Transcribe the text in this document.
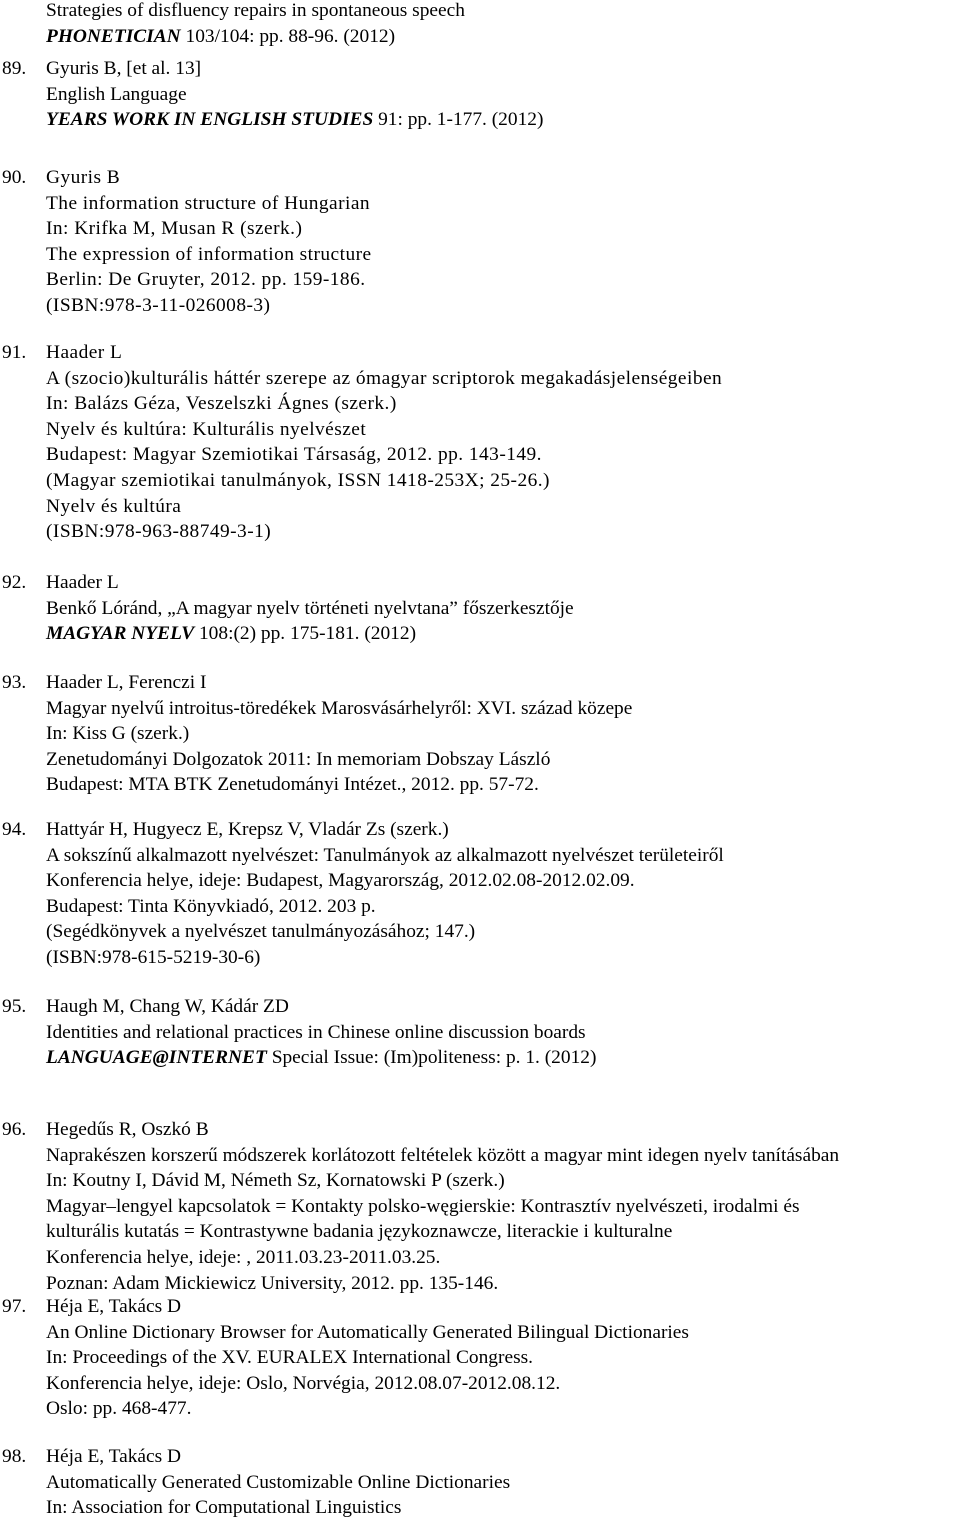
Strategies of disfluency repairs in spontaneous speech
PHONETICIAN 103/104: pp. 88-96. (2012)
89. Gyuris B, [et al. 13]
English Language
YEARS WORK IN ENGLISH STUDIES 91: pp. 1-177. (2012)
90. Gyuris B
The information structure of Hungarian
In: Krifka M, Musan R (szerk.)
The expression of information structure
Berlin: De Gruyter, 2012. pp. 159-186.
(ISBN:978-3-11-026008-3)
91. Haader L
A (szocio)kulturális háttér szerepe az ómagyar scriptorok megakadásjelenségeiben
In: Balázs Géza, Veszelszki Ágnes (szerk.)
Nyelv és kultúra: Kulturális nyelvészet
Budapest: Magyar Szemiotikai Társaság, 2012. pp. 143-149.
(Magyar szemiotikai tanulmányok, ISSN 1418-253X; 25-26.)
Nyelv és kultúra
(ISBN:978-963-88749-3-1)
92. Haader L
Benkő Lóránd, „A magyar nyelv történeti nyelvtana” főszerkesztője
MAGYAR NYELV 108:(2) pp. 175-181. (2012)
93. Haader L, Ferenczi I
Magyar nyelvű introitus-töredékek Marosvásárhelyről: XVI. század közepe
In: Kiss G (szerk.)
Zenetudományi Dolgozatok 2011: In memoriam Dobszay László
Budapest: MTA BTK Zenetudományi Intézet., 2012. pp. 57-72.
94. Hattyár H, Hugyecz E, Krepsz V, Vladár Zs (szerk.)
A sokszínű alkalmazott nyelvészet: Tanulmányok az alkalmazott nyelvészet területeiről
Konferencia helye, ideje: Budapest, Magyarország, 2012.02.08-2012.02.09.
Budapest: Tinta Könyvkiadó, 2012. 203 p.
(Segédkönyvek a nyelvészet tanulmányozásához; 147.)
(ISBN:978-615-5219-30-6)
95. Haugh M, Chang W, Kádár ZD
Identities and relational practices in Chinese online discussion boards
LANGUAGE@INTERNET Special Issue: (Im)politeness: p. 1. (2012)
96. Hegedűs R, Oszkó B
Naprakészen korszerű módszerek korlátozott feltételek között a magyar mint idegen nyelv tanításában
In: Koutny I, Dávid M, Németh Sz, Kornatowski P (szerk.)
Magyar–lengyel kapcsolatok = Kontakty polsko-węgierskie: Kontrasztív nyelvészeti, irodalmi és
kulturális kutatás = Kontrastywne badania językoznawcze, literackie i kulturalne
Konferencia helye, ideje: , 2011.03.23-2011.03.25.
Poznan: Adam Mickiewicz University, 2012. pp. 135-146.
97. Héja E, Takács D
An Online Dictionary Browser for Automatically Generated Bilingual Dictionaries
In: Proceedings of the XV. EURALEX International Congress.
Konferencia helye, ideje: Oslo, Norvégia, 2012.08.07-2012.08.12.
Oslo: pp. 468-477.
98. Héja E, Takács D
Automatically Generated Customizable Online Dictionaries
In: Association for Computational Linguistics
